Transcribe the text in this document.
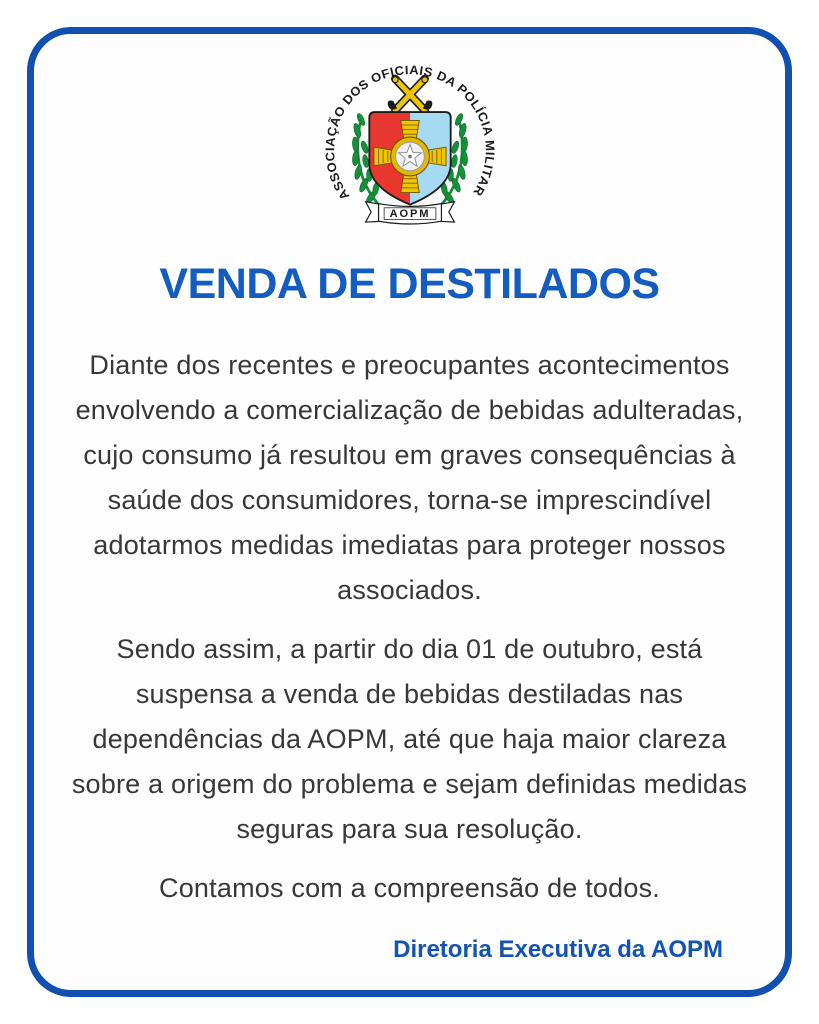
ASSOCIAÇÃO DOS OFICIAIS DA POLÍCIA MILITAR
AOPM
VENDA DE DESTILADOS

Diante dos recentes e preocupantes acontecimentos envolvendo a comercialização de bebidas adulteradas, cujo consumo já resultou em graves consequências à saúde dos consumidores, torna-se imprescindível adotarmos medidas imediatas para proteger nossos associados.

Sendo assim, a partir do dia 01 de outubro, está suspensa a venda de bebidas destiladas nas dependências da AOPM, até que haja maior clareza sobre a origem do problema e sejam definidas medidas seguras para sua resolução.

Contamos com a compreensão de todos.

Diretoria Executiva da AOPM
